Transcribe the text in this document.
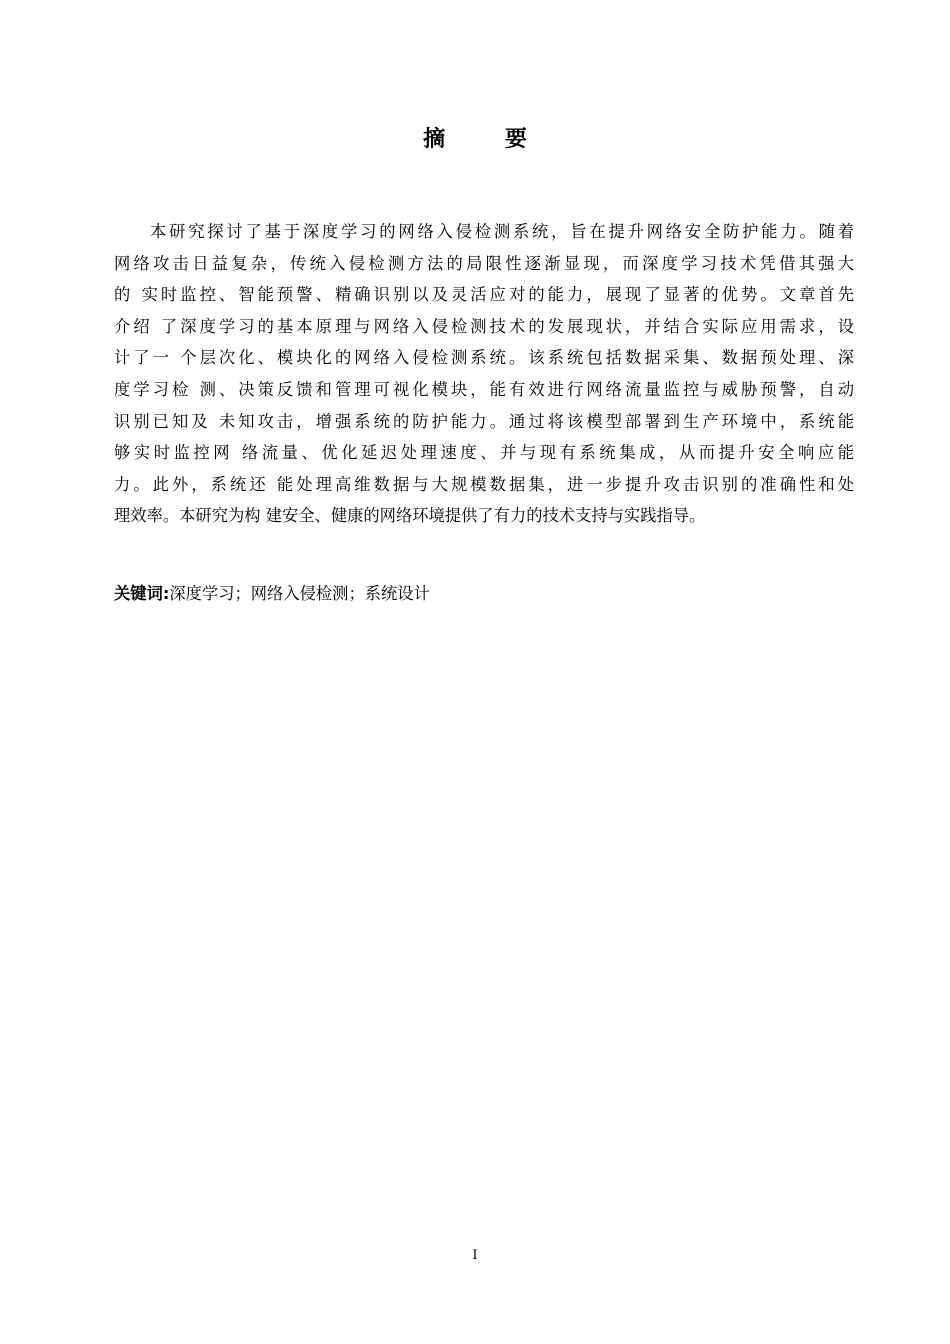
摘 要
本研究探讨了基于深度学习的网络入侵检测系统，旨在提升网络安全防护能力。随着
网络攻击日益复杂，传统入侵检测方法的局限性逐渐显现，而深度学习技术凭借其强大
的 实时监控、智能预警、精确识别以及灵活应对的能力，展现了显著的优势。文章首先
介绍 了深度学习的基本原理与网络入侵检测技术的发展现状，并结合实际应用需求，设
计了一 个层次化、模块化的网络入侵检测系统。该系统包括数据采集、数据预处理、深
度学习检 测、决策反馈和管理可视化模块，能有效进行网络流量监控与威胁预警，自动
识别已知及 未知攻击，增强系统的防护能力。通过将该模型部署到生产环境中，系统能
够实时监控网 络流量、优化延迟处理速度、并与现有系统集成，从而提升安全响应能
力。此外，系统还 能处理高维数据与大规模数据集，进一步提升攻击识别的准确性和处
理效率。本研究为构 建安全、健康的网络环境提供了有力的技术支持与实践指导。
关键词:深度学习；网络入侵检测；系统设计
I
